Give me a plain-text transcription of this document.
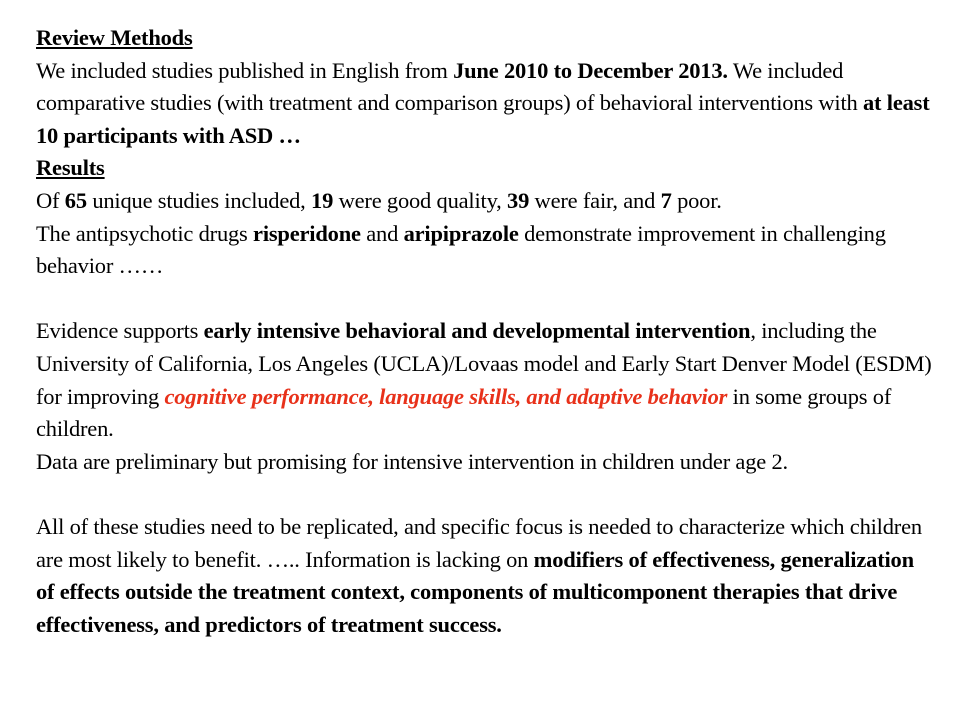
Review Methods

We included studies published in English from June 2010 to December 2013. We included comparative studies (with treatment and comparison groups) of behavioral interventions with at least 10 participants with ASD …

Results

Of 65 unique studies included, 19 were good quality, 39 were fair, and 7 poor.

The antipsychotic drugs risperidone and aripiprazole demonstrate improvement in challenging behavior ……

Evidence supports early intensive behavioral and developmental intervention, including the University of California, Los Angeles (UCLA)/Lovaas model and Early Start Denver Model (ESDM) for improving cognitive performance, language skills, and adaptive behavior in some groups of children.

Data are preliminary but promising for intensive intervention in children under age 2.

All of these studies need to be replicated, and specific focus is needed to characterize which children are most likely to benefit. ….. Information is lacking on modifiers of effectiveness, generalization of effects outside the treatment context, components of multicomponent therapies that drive effectiveness, and predictors of treatment success.
